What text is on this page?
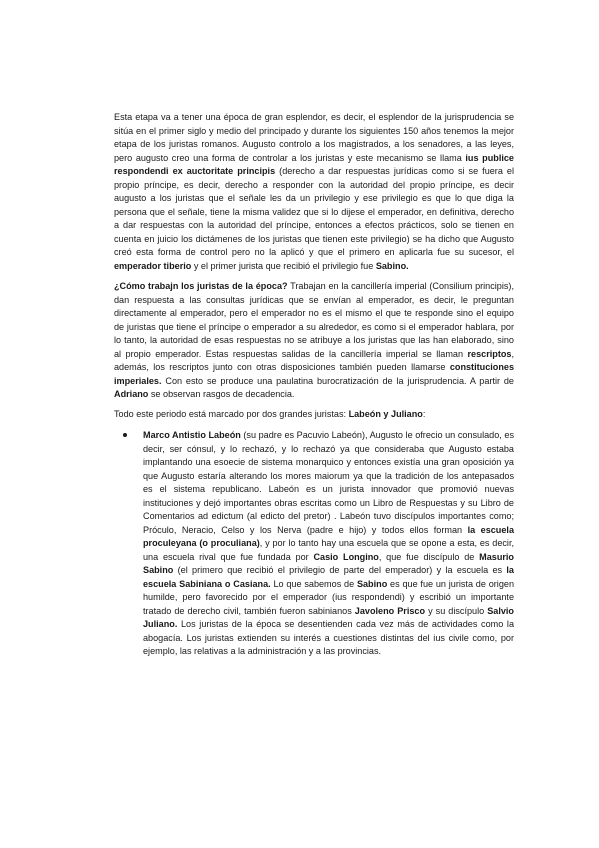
Esta etapa va a tener una época de gran esplendor, es decir, el esplendor de la jurisprudencia se sitúa en el primer siglo y medio del principado y durante los siguientes 150 años tenemos la mejor etapa de los juristas romanos. Augusto controlo a los magistrados, a los senadores, a las leyes, pero augusto creo una forma de controlar a los juristas y este mecanismo se llama ius publice respondendi ex auctoritate principis (derecho a dar respuestas jurídicas como si se fuera el propio príncipe, es decir, derecho a responder con la autoridad del propio príncipe, es decir augusto a los juristas que el señale les da un privilegio y ese privilegio es que lo que diga la persona que el señale, tiene la misma validez que si lo dijese el emperador, en definitiva, derecho a dar respuestas con la autoridad del príncipe, entonces a efectos prácticos, solo se tienen en cuenta en juicio los dictámenes de los juristas que tienen este privilegio) se ha dicho que Augusto creó esta forma de control pero no la aplicó y que el primero en aplicarla fue su sucesor, el emperador tiberio y el primer jurista que recibió el privilegio fue Sabino.

¿Cómo trabajn los juristas de la época? Trabajan en la cancillería imperial (Consilium principis), dan respuesta a las consultas jurídicas que se envían al emperador, es decir, le preguntan directamente al emperador, pero el emperador no es el mismo el que te responde sino el equipo de juristas que tiene el príncipe o emperador a su alrededor, es como si el emperador hablara, por lo tanto, la autoridad de esas respuestas no se atribuye a los juristas que las han elaborado, sino al propio emperador. Estas respuestas salidas de la cancillería imperial se llaman rescriptos, además, los rescriptos junto con otras disposiciones también pueden llamarse constituciones imperiales. Con esto se produce una paulatina burocratización de la jurisprudencia. A partir de Adriano se observan rasgos de decadencia.

Todo este periodo está marcado por dos grandes juristas: Labeón y Juliano:

Marco Antistio Labeón (su padre es Pacuvio Labeón), Augusto le ofrecio un consulado, es decir, ser cónsul, y lo rechazó, y lo rechazó ya que consideraba que Augusto estaba implantando una esoecie de sistema monarquico y entonces existía una gran oposición ya que Augusto estaría alterando los mores maiorum ya que la tradición de los antepasados es el sistema republicano. Labeón es un jurista innovador que promovió nuevas instituciones y dejó importantes obras escritas como un Libro de Respuestas y su Libro de Comentarios ad edictum (al edicto del pretor) . Labeón tuvo discípulos importantes como; Próculo, Neracio, Celso y los Nerva (padre e hijo) y todos ellos forman la escuela proculeyana (o proculiana), y por lo tanto hay una escuela que se opone a esta, es decir, una escuela rival que fue fundada por Casio Longino, que fue discípulo de Masurio Sabino (el primero que recibió el privilegio de parte del emperador) y la escuela es la escuela Sabiniana o Casiana. Lo que sabemos de Sabino es que fue un jurista de origen humilde, pero favorecido por el emperador (ius respondendi) y escribió un importante tratado de derecho civil, también fueron sabinianos Javoleno Prisco y su discípulo Salvio Juliano. Los juristas de la época se desentienden cada vez más de actividades como la abogacía. Los juristas extienden su interés a cuestiones distintas del ius civile como, por ejemplo, las relativas a la administración y a las provincias.
